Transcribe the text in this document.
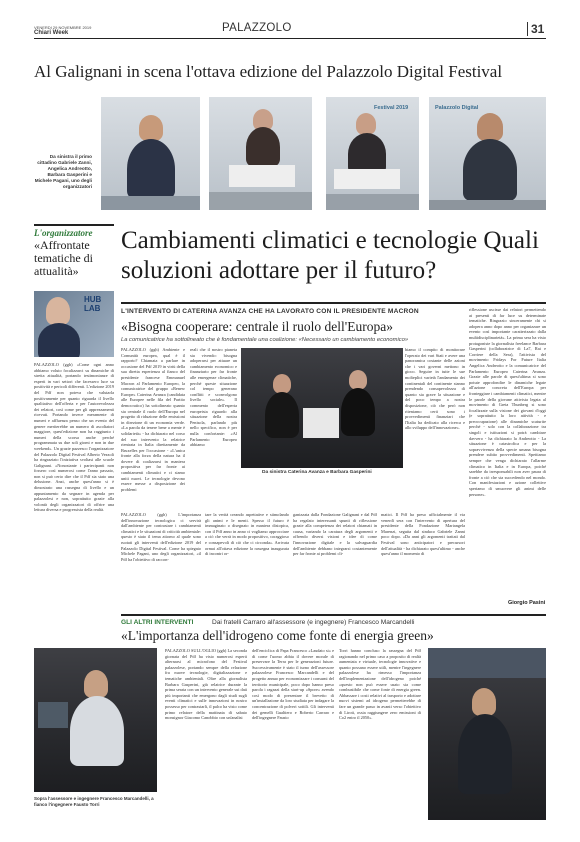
VENERDI 29 NOVEMBRE 2019
Chiari Week	PALAZZOLO	31
Al Galignani in scena l'ottava edizione del Palazzolo Digital Festival
Da sinistra il primo cittadino Gabriele Zanni, Angelica Andreotto, Barbara Gasperini e Michele Pagani, uno degli organizzatori
Festival 2019	Palazzolo Digital
L'organizzatore
«Affrontate tematiche di attualità»
HUB LAB
PALAZZOLO (ggh) «Come ogni anno abbiamo voluto focalizzarci su dinamiche di stretta attualità, portando testimonianze di esperti in vari settori che facessero luce su positività e pericoli differenti. L'edizione 2019 del Pdf non poteva che valutarla positivamente per quanto riguarda il livello qualitativo dell'offerta e per l'autorevolezza dei relatori, così come per gli apprezzamenti ricevuti. Portando invece meramente di numeri e affluenza penso che un evento del genere meriterebbe un numero di ascoltatori maggiore, quest'edizione non ha raggiunto i numeri della scorsa anche perché programmata su due soli giorni e non in due weekend». Un grazie pazzesco l'organizzatore del Palazzolo Digital Festival Alberto Vezzoli ha ringraziato l'iniziativa svoltasi alle scuole Galignani. «Nonostante i partecipanti non fossero così numerosi come l'anno passato, non si può certo dire che il Pdf sia stato una delusione. Anzi, anche quest'anno si è dimostrato una rassegna di livello e un appuntamento da segnare in agenda per palazzolesi e non, soprattutto grazie alla volontà degli organizzatori di offrire una lettura diversa e progressista della realtà.
Cambiamenti climatici e tecnologie Quali soluzioni adottare per il futuro?
L'INTERVENTO DI CATERINA AVANZA CHE HA LAVORATO CON IL PRESIDENTE MACRON
«Bisogna cooperare: centrale il ruolo dell'Europa»
La comunicatrice ha sottolineato che è fondamentale una coalizione: «Necessario un cambiamento economico»
PALAZZOLO (ggh) Ambiente e Comunità europea, qual è il rapporto? Chiamata a parlare in occasione del Pdf 2019 in virtù della sua diretta esperienza al fianco del presidente francese Emmanuel Macron al Parlamento Europeo, la comunicatrice del gruppo «Renew Europe» Caterina Avanza (candidata alle Europee nelle fila del Partito democratico) ha sottolineato quanto sia centrale il ruolo dell'Europa nel progetto di riduzione delle emissioni in direzione di un economia verde. «La parola da tenere bene a mente è solidarietà» - ha dichiarato nel corso del suo intervento la relatrice rientrata in Italia direttamente da Bruxelles per l'occasione - «L'unica fronte alla forza della natura ha il dovere di coalizzarsi in maniera propositiva per far fronte ai cambiamenti climatici e ci siamo uniti nuovi. Le tecnologie devono essere messe a disposizione dei problemi
reali che il nostro pianeta sta vivendo: bisogna adoperarsi per attuare un cambiamento economico e finanziario per far fronte alle emergenze climatiche, perché queste situazione col tempo generano conflitti e sconvolgono livello sociale». Il commento dell'esperta europeista riguardo alla situazione della nostra Penisola, parlando più nello specifico, non è per nulla confortante: «Al Parlamento Europeo abbiamo
Da sinistra Caterina Avanza e Barbara Gasperini
biamo il compito di monitorare l'operato dei vari Stati e avere una panoramica costante delle azioni che i vari governi mettono in gioco. Seguire in tutte le sue molteplici varietà l'andamento dei continentali del continente stanno prendendo consapevolezza di quanto sia grave la situazione e del poco tempo a nostra disposizione, ciò che però non riteniamo certi sono i provvedimenti finanziari che l'Italia ha dedicato alla ricerca e allo sviluppo dell'innovazione».
riflessione uscisse dai relatori permettendo ai presenti di far luce su determinate tematiche. Ringrazio sinceramente chi si adopera anno dopo anno per organizzare un evento così importante caratterizzato dalla multidisciplinarietà». La prima sera ha visto protagoniste la giornalista freelance Barbara Gasperini (collaboratrice di La7, Rai e Corriere della Sera), l'attivista del movimento Fridays For Future Italia Angelica Andreotto e la comunicatrice del Parlamento Europeo Caterina Avanza. Grazie alle parole di quest'ultima si sono potute approfondire le dinamiche legate all'azione concreta dell'Europa per fronteggiare i cambiamenti climatici, mentre le parole della giovane attivista legata al movimento di Greta Thunberg si sono focalizzate sulla visione dei giovani d'oggi (e soprattutto la loro attività - e preoccupazione) alle dinamiche scaturite perché - solo con la collaborazione tra singoli e istituzioni si potrà cambiare davvero - ha dichiarato la Andreotto - La situazione è catastrofica e per la sopravvivenza della specie umana bisogna prendere subito provvedimenti. Spettiamo sempre che venga dichiarato l'allarme climatico in Italia e in Europa, poiché sarebbe da irresponsabili non aver paura di fronte a ciò che sta succedendo nel mondo. Con manifestazioni e azione collettive speriamo di smuovere gli animi delle persone».
Giorgio Pasini
PALAZZOLO (ggh) L'importanza dell'innovazione tecnologica ci servirà dall'ambiente per contrastare i cambiamenti climatici e le situazioni di criticità ambientale: questo è stato il tema attorno al quale sono ruotati gli interventi dell'edizione 2019 del Palazzolo Digital Festival. Come ha spiegato Michele Pagani, uno degli organizzatori, «il Pdf ha l'obiettivo di raccon-
tare la verità creando aspettative e stimolando gli animi e le menti. Spesso il futuro è immaginato o disegnato in maniera distopica, con il Pdf anno in anno ci vogliamo approcciare a ciò che verrà in modo propositivo, coraggioso e consapevoli di ciò che ci circonda». Arrivata ormai all'ottava edizione la rassegna inaugurata di incontri or-
ganizzata dalla Fondazione Galignani e dal Pdf ha regalato interessanti spunti di riflessione grazie alla competenza dei relatori chiamati in causa, variando la caratura degli argomenti e offrendo diversi visioni e idee di come l'innovazione digitale e la salvaguardia dell'ambiente debbano integrarsi costantemente per far fronte ai problemi cli-
matici. Il Pdf ha preso ufficialmente il via venerdì sera con l'intervento di apertura del presidente della Fondazione Mariangela Marenzi, seguita dal sindaco Gabriele Zanni poco dopo. «Da anni gli argomenti trattati dal Festival sono anticipatori e precursori dell'attualità - ha dichiarato quest'ultimo - anche quest'anno il momento di
GLI ALTRI INTERVENTI	Dai fratelli Carraro all'assessore (e ingegnere) Francesco Marcandelli
«L'importanza dell'idrogeno come fonte di energia green»
Sopra l'assessore e ingegnere Francesco Marcandelli, a fianco l'ingegnere Fausto Torri
PALAZZOLO SULL'OGLIO (ggh) La seconda giornata del Pdf ha visto numerosi esperti alternarsi al microfono del Festival palazzolese, portando sempre della relazione fra nuove tecnologie, digitalizzazione e tematiche ambientali. Oltre alla giornalista Barbara Gasperini, già relatrice durante la prima serata con un intervento generale sui dati più importanti che emergono dagli studi sugli eventi climatici e sulle innovazioni in nostro possesso per contrastarli, il palco ha visto come primo relatore della mattinata di sabato monsignor Giacomo Canobbio con un'analisi
dell'enciclica di Papa Francesco «Laudato si» e di come l'uomo abbia il dovere morale di preservare la Terra per le generazioni future. Successivamente è stato il turno dell'assessore palazzolese Francesco Marcandelli e del progetto annuo per economizzare i consumi del territorio municipale, poco dopo hanno preso parola i ragazzi della start-up «Spore» avendo così modo di presentare il brevetto di un'installazione da loro studiata per indagare la concentrazione di polveri sottili. Gli interventi dei gemelli Gualtiero e Roberto Carraro e dell'ingegnere Fausto
Torri hanno concluso la rassegna del Pdf ragionando nel primo caso a proposito di realtà aumentata e virtuale, tecnologie innovative e quanto possano essere utili, mentre l'ingegnere palazzolese ha rimesso l'importanza dell'implementazione dell'idrogeno poiché «questo non può essere usato sia come combustibile che come fonte di energia green. Abbassare i costi relativi al trasporto e adottare nuovi sistemi ad idrogeno permetterebbe di fare un grande passo in avanti verso l'obiettivo di Liroti, ossia raggiungere zero emissioni di Co2 entro il 2050».
